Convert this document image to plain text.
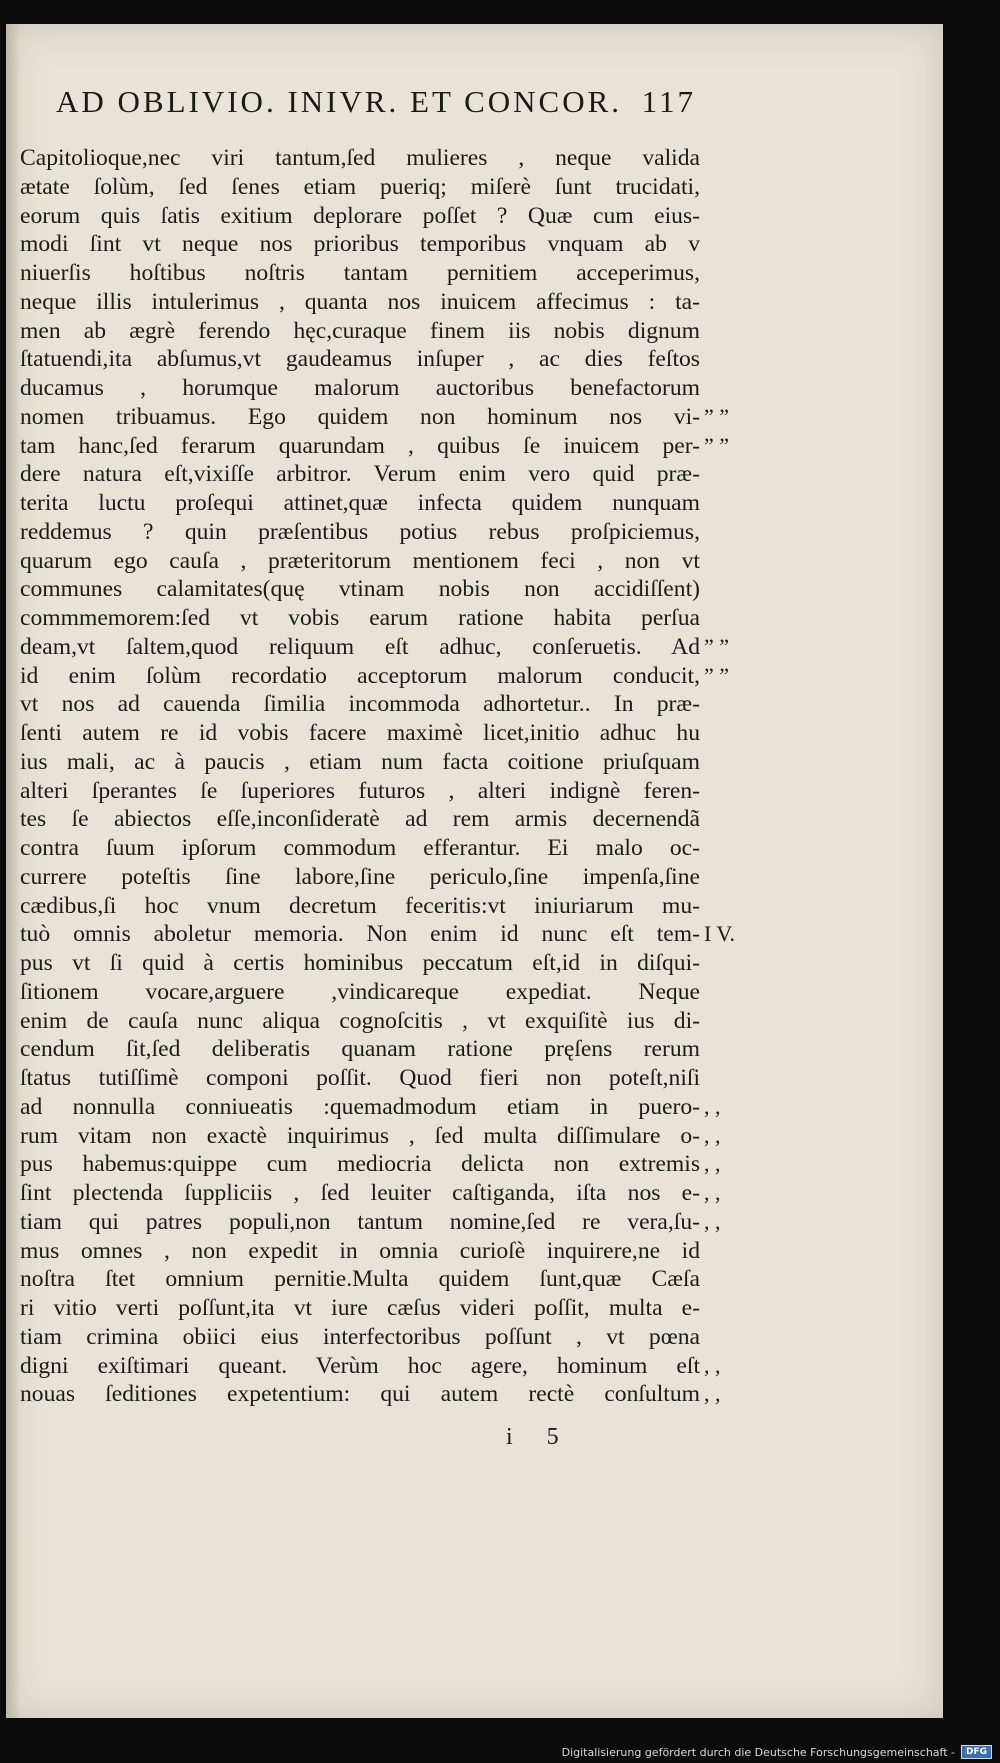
AD OBLIVIO. INIVR. ET CONCOR. 117
Capitolioque,nec viri tantum,ſed mulieres , neque valida
ætate ſolùm, ſed ſenes etiam pueriq; miſerè ſunt trucidati,
eorum quis ſatis exitium deplorare poſſet ? Quæ cum eius-
modi ſint vt neque nos prioribus temporibus vnquam ab v
niuerſis hoſtibus noſtris tantam pernitiem acceperimus,
neque illis intulerimus , quanta nos inuicem affecimus : ta-
men ab ægrè ferendo hęc,curaque finem iis nobis dignum
ſtatuendi,ita abſumus,vt gaudeamus inſuper , ac dies feſtos
ducamus , horumque malorum auctoribus benefactorum
nomen tribuamus. Ego quidem non hominum nos vi-
tam hanc,ſed ferarum quarundam , quibus ſe inuicem per-
dere natura eſt,vixiſſe arbitror. Verum enim vero quid præ-
terita luctu proſequi attinet,quæ infecta quidem nunquam
reddemus ? quin præſentibus potius rebus proſpiciemus,
quarum ego cauſa , præteritorum mentionem feci , non vt
communes calamitates(quę vtinam nobis non accidiſſent)
commmemorem:ſed vt vobis earum ratione habita perſua
deam,vt ſaltem,quod reliquum eſt adhuc, conſeruetis. Ad
id enim ſolùm recordatio acceptorum malorum conducit,
vt nos ad cauenda ſimilia incommoda adhortetur.. In præ-
ſenti autem re id vobis facere maximè licet,initio adhuc hu
ius mali, ac à paucis , etiam num facta coitione priuſquam
alteri ſperantes ſe ſuperiores futuros , alteri indignè feren-
tes ſe abiectos eſſe,inconſideratè ad rem armis decernendã
contra ſuum ipſorum commodum efferantur. Ei malo oc-
currere poteſtis ſine labore,ſine periculo,ſine impenſa,ſine
cædibus,ſi hoc vnum decretum feceritis:vt iniuriarum mu-
tuò omnis aboletur memoria. Non enim id nunc eſt tem-
pus vt ſi quid à certis hominibus peccatum eſt,id in diſqui-
ſitionem vocare,arguere ,vindicareque expediat. Neque
enim de cauſa nunc aliqua cognoſcitis , vt exquiſitè ius di-
cendum ſit,ſed deliberatis quanam ratione pręſens rerum
ſtatus tutiſſimè componi poſſit. Quod fieri non poteſt,niſi
ad nonnulla conniueatis :quemadmodum etiam in puero-
rum vitam non exactè inquirimus , ſed multa diſſimulare o-
pus habemus:quippe cum mediocria delicta non extremis
ſint plectenda ſuppliciis , ſed leuiter caſtiganda, iſta nos e-
tiam qui patres populi,non tantum nomine,ſed re vera,ſu-
mus omnes , non expedit in omnia curioſè inquirere,ne id
noſtra ſtet omnium pernitie.Multa quidem ſunt,quæ Cæſa
ri vitio verti poſſunt,ita vt iure cæſus videri poſſit, multa e-
tiam crimina obiici eius interfectoribus poſſunt , vt pœna
digni exiſtimari queant. Verùm hoc agere, hominum eſt
nouas ſeditiones expetentium: qui autem rectè conſultum
” ”
” ”
” ”
” ”
I V.
, ,
, ,
, ,
, ,
, ,
, ,
, ,
i 5
Digitalisierung gefördert durch die Deutsche Forschungsgemeinschaft -	DFG
